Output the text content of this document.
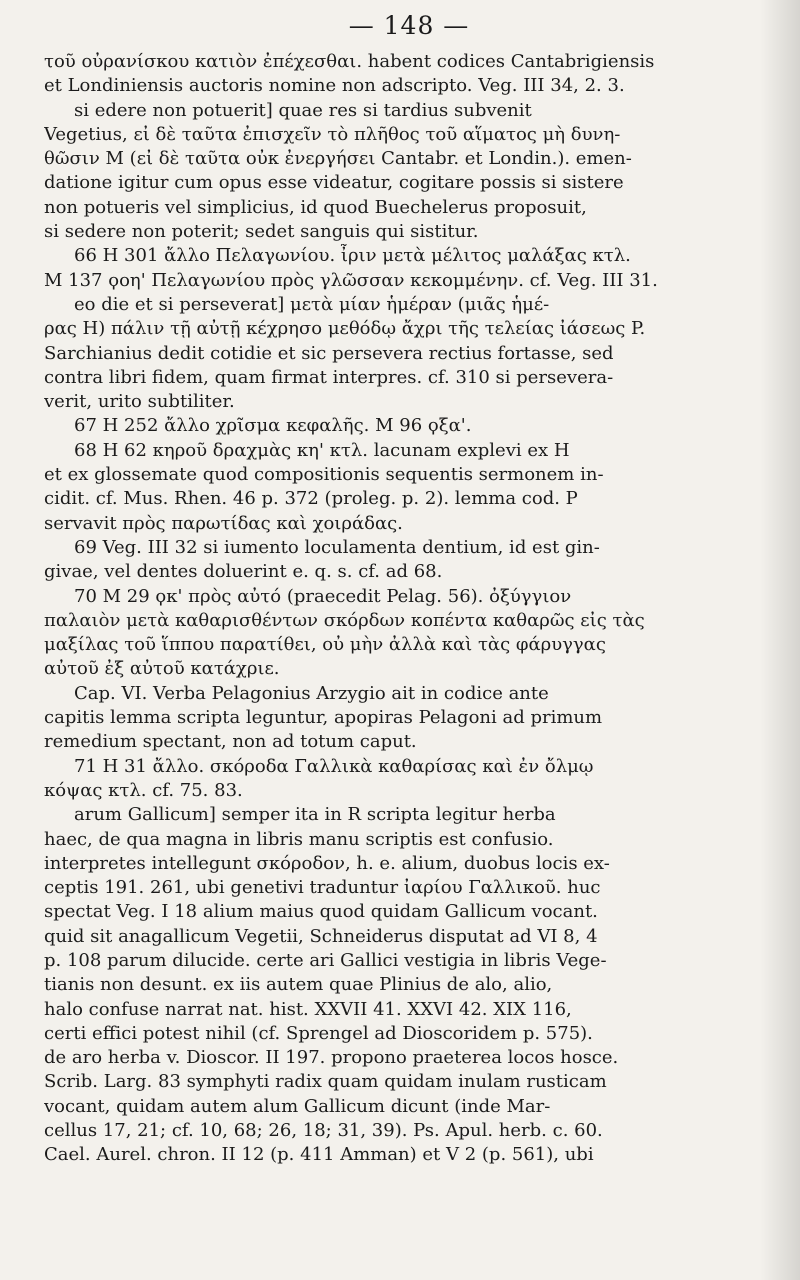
— 148 —
τοῦ οὐρανίσκου κατιὸν ἐπέχεσθαι. habent codices Cantabrigiensis
et Londiniensis auctoris nomine non adscripto. Veg. III 34, 2. 3.
si edere non potuerit] quae res si tardius subvenit
Vegetius, εἰ δὲ ταῦτα ἐπισχεῖν τὸ πλῆθος τοῦ αἵματος μὴ δυνη-
θῶσιν M (εἰ δὲ ταῦτα οὐκ ἐνεργήσει Cantabr. et Londin.). emen-
datione igitur cum opus esse videatur, cogitare possis si sistere
non potueris vel simplicius, id quod Buechelerus proposuit,
si sedere non poterit; sedet sanguis qui sistitur.
66 H 301 ἄλλο Πελαγωνίου. ἶριν μετὰ μέλιτος μαλάξας κτλ.
M 137 ϙοη' Πελαγωνίου πρὸς γλῶσσαν κεκομμένην. cf. Veg. III 31.
eo die et si perseverat] μετὰ μίαν ἡμέραν (μιᾶς ἡμέ-
ρας H) πάλιν τῇ αὐτῇ κέχρησο μεθόδῳ ἄχρι τῆς τελείας ἰάσεως P.
Sarchianius dedit cotidie et sic persevera rectius fortasse, sed
contra libri fidem, quam firmat interpres. cf. 310 si persevera-
verit, urito subtiliter.
67 H 252 ἄλλο χρῖσμα κεφαλῆς. M 96 ϙξα'.
68 H 62 κηροῦ δραχμὰς κη' κτλ. lacunam explevi ex H
et ex glossemate quod compositionis sequentis sermonem in-
cidit. cf. Mus. Rhen. 46 p. 372 (proleg. p. 2). lemma cod. P
servavit πρὸς παρωτίδας καὶ χοιράδας.
69 Veg. III 32 si iumento loculamenta dentium, id est gin-
givae, vel dentes doluerint e. q. s. cf. ad 68.
70 M 29 ϙκ' πρὸς αὐτό (praecedit Pelag. 56). ὀξύγγιον
παλαιὸν μετὰ καθαρισθέντων σκόρδων κοπέντα καθαρῶς εἰς τὰς
μαξίλας τοῦ ἵππου παρατίθει, οὐ μὴν ἀλλὰ καὶ τὰς φάρυγγας
αὐτοῦ ἐξ αὐτοῦ κατάχριε.
Cap. VI. Verba Pelagonius Arzygio ait in codice ante
capitis lemma scripta leguntur, apopiras Pelagoni ad primum
remedium spectant, non ad totum caput.
71 H 31 ἄλλο. σκόροδα Γαλλικὰ καθαρίσας καὶ ἐν ὄλμῳ
κόψας κτλ. cf. 75. 83.
arum Gallicum] semper ita in R scripta legitur herba
haec, de qua magna in libris manu scriptis est confusio.
interpretes intellegunt σκόροδον, h. e. alium, duobus locis ex-
ceptis 191. 261, ubi genetivi traduntur ἰαρίου Γαλλικοῦ. huc
spectat Veg. I 18 alium maius quod quidam Gallicum vocant.
quid sit anagallicum Vegetii, Schneiderus disputat ad VI 8, 4
p. 108 parum dilucide. certe ari Gallici vestigia in libris Vege-
tianis non desunt. ex iis autem quae Plinius de alo, alio,
halo confuse narrat nat. hist. XXVII 41. XXVI 42. XIX 116,
certi effici potest nihil (cf. Sprengel ad Dioscoridem p. 575).
de aro herba v. Dioscor. II 197. propono praeterea locos hosce.
Scrib. Larg. 83 symphyti radix quam quidam inulam rusticam
vocant, quidam autem alum Gallicum dicunt (inde Mar-
cellus 17, 21; cf. 10, 68; 26, 18; 31, 39). Ps. Apul. herb. c. 60.
Cael. Aurel. chron. II 12 (p. 411 Amman) et V 2 (p. 561), ubi
